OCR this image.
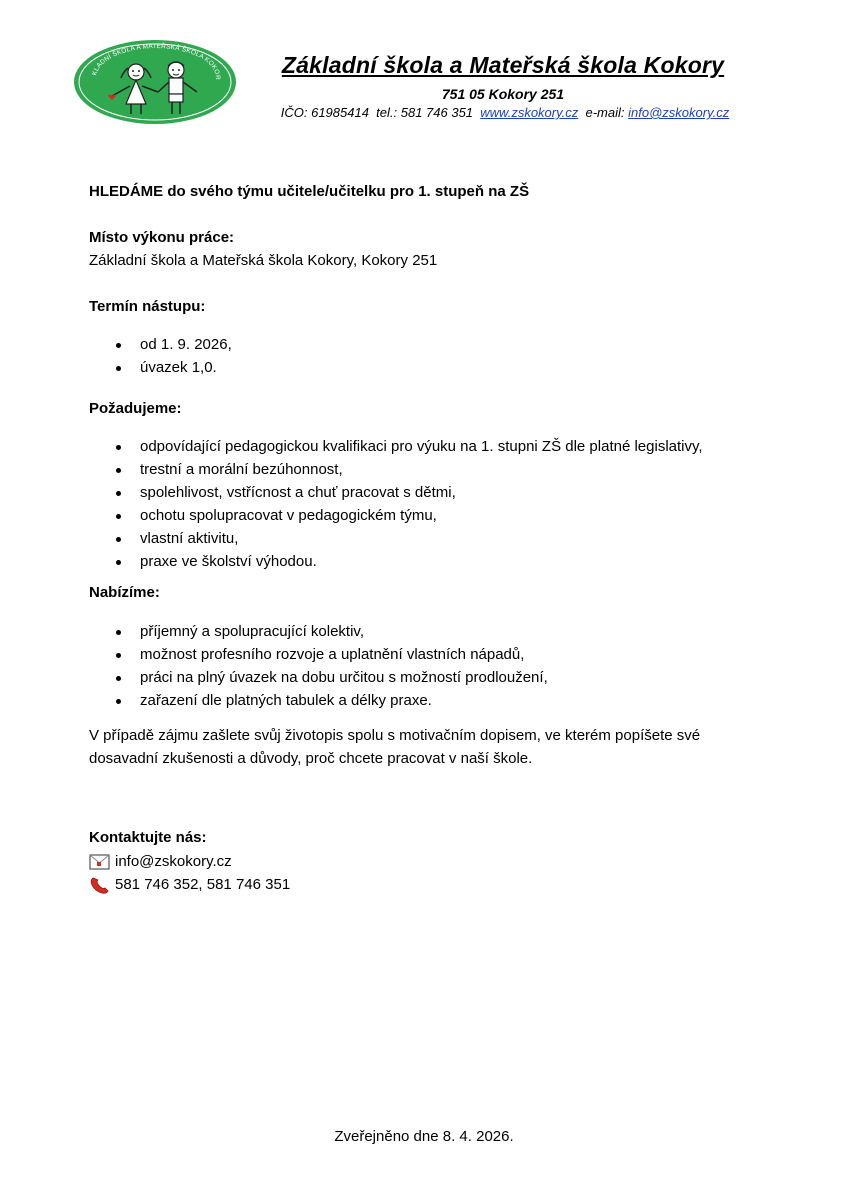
KLADNÍ ŠKOLA A MATEŘSKÁ ŠKOLA KOKOR	Základní škola a Mateřská škola Kokory
751 05 Kokory 251
IČO: 61985414 tel.: 581 746 351 www.zskokory.cz e-mail: info@zskokory.cz
HLEDÁME do svého týmu učitele/učitelku pro 1. stupeň na ZŠ
Místo výkonu práce:
Základní škola a Mateřská škola Kokory, Kokory 251
Termín nástupu:
od 1. 9. 2026,
úvazek 1,0.
Požadujeme:
odpovídající pedagogickou kvalifikaci pro výuku na 1. stupni ZŠ dle platné legislativy,
trestní a morální bezúhonnost,
spolehlivost, vstřícnost a chuť pracovat s dětmi,
ochotu spolupracovat v pedagogickém týmu,
vlastní aktivitu,
praxe ve školství výhodou.
Nabízíme:
příjemný a spolupracující kolektiv,
možnost profesního rozvoje a uplatnění vlastních nápadů,
práci na plný úvazek na dobu určitou s možností prodloužení,
zařazení dle platných tabulek a délky praxe.
V případě zájmu zašlete svůj životopis spolu s motivačním dopisem, ve kterém popíšete své dosavadní zkušenosti a důvody, proč chcete pracovat v naší škole.
Kontaktujte nás:
info@zskokory.cz
581 746 352, 581 746 351
Zveřejněno dne 8. 4. 2026.
